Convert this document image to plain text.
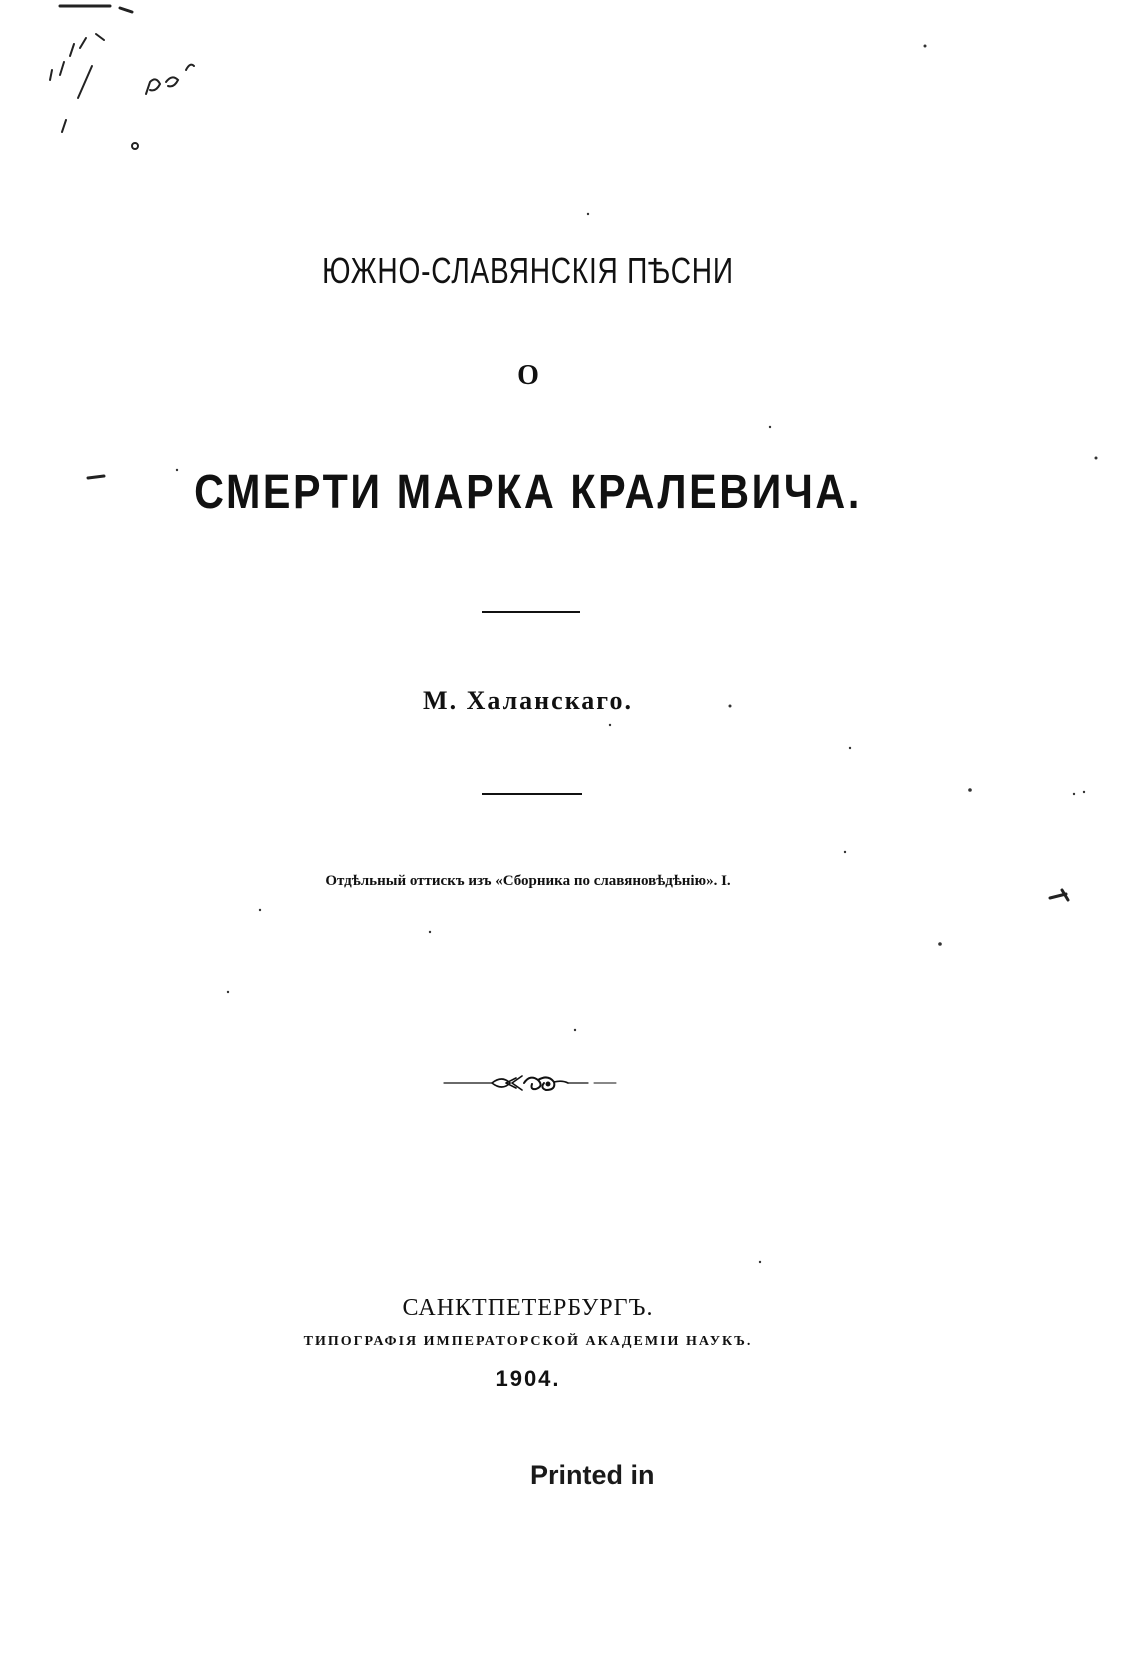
ЮЖНО-СЛАВЯНСКІЯ ПѢСНИ
О
СМЕРТИ МАРКА КРАЛЕВИЧА.
М. Халанскаго.
Отдѣльный оттискъ изъ «Сборника по славяновѣдѣнію». I.
САНКТПЕТЕРБУРГЪ.
ТИПОГРАФІЯ ИМПЕРАТОРСКОЙ АКАДЕМІИ НАУКЪ.
1904.
Printed in
